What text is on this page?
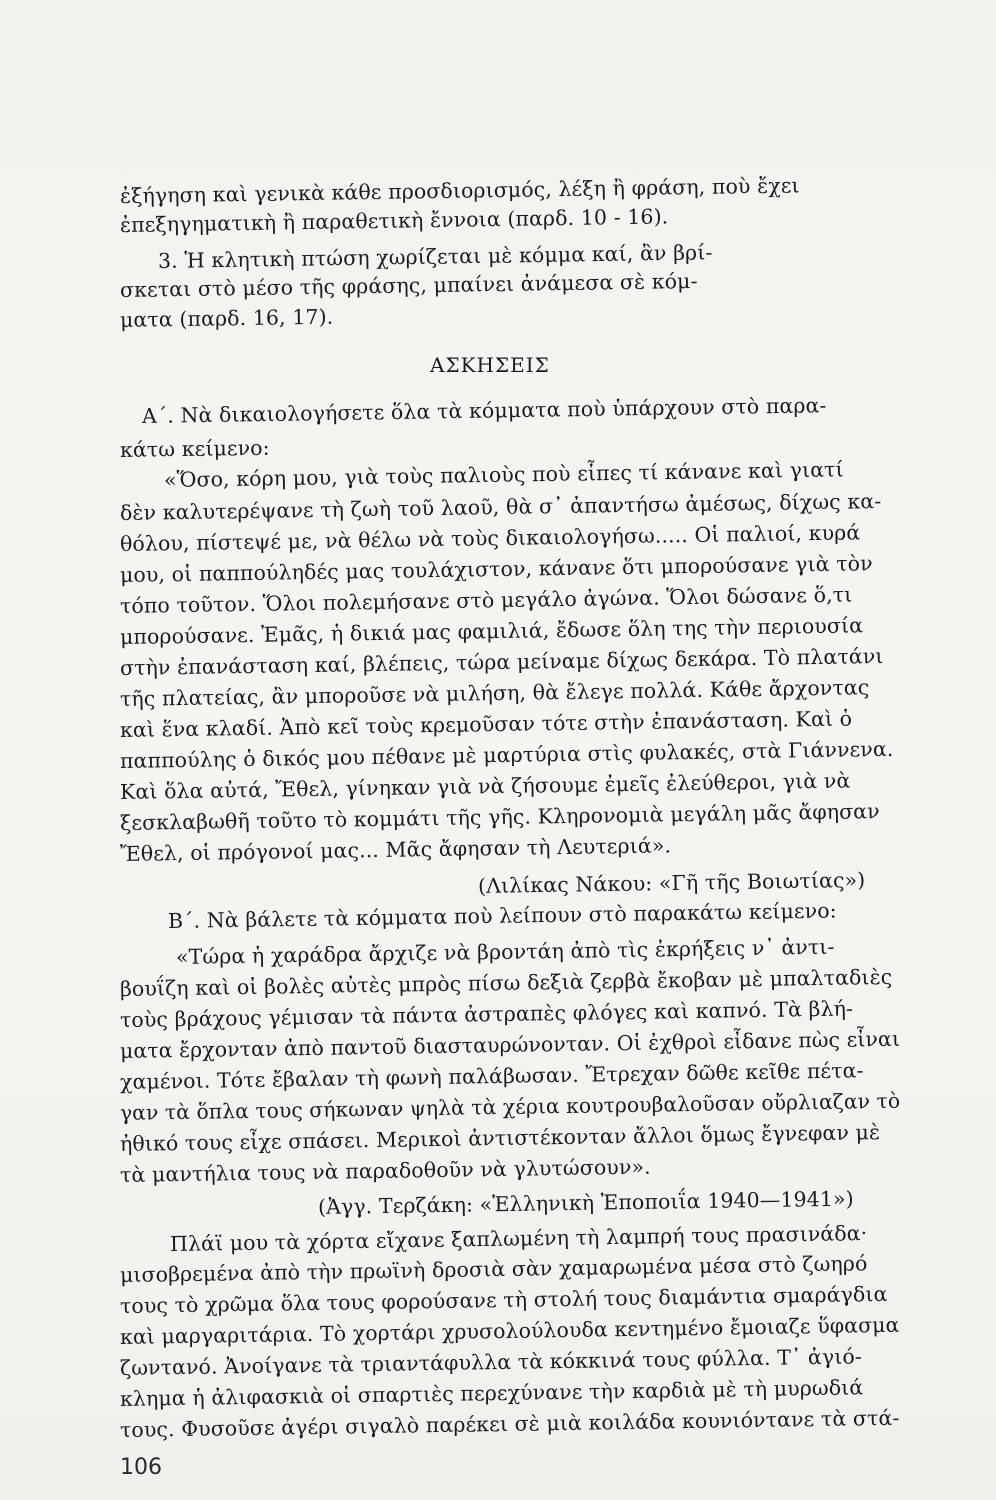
ἐξήγηση καὶ γενικὰ κάθε προσδιορισμός, λέξη ἢ φράση, ποὺ ἔχει
ἐπεξηγηματικὴ ἢ παραθετικὴ ἔννοια (παρδ. 10 - 16).
3. Ἡ κλητικὴ πτώση χωρίζεται μὲ κόμμα καί, ἂν βρί-
σκεται στὸ μέσο τῆς φράσης, μπαίνει ἀνάμεσα σὲ κόμ-
ματα (παρδ. 16, 17).
ΑΣΚΗΣΕΙΣ
Α΄. Νὰ δικαιολογήσετε ὅλα τὰ κόμματα ποὺ ὑπάρχουν στὸ παρα-
κάτω κείμενο:
«Ὅσο, κόρη μου, γιὰ τοὺς παλιοὺς ποὺ εἶπες τί κάνανε καὶ γιατί
δὲν καλυτερέψανε τὴ ζωὴ τοῦ λαοῦ, θὰ σ᾽ ἀπαντήσω ἀμέσως, δίχως κα-
θόλου, πίστεψέ με, νὰ θέλω νὰ τοὺς δικαιολογήσω..... Οἱ παλιοί, κυρά
μου, οἱ παππούληδές μας τουλάχιστον, κάνανε ὅτι μπορούσανε γιὰ τὸν
τόπο τοῦτον. Ὅλοι πολεμήσανε στὸ μεγάλο ἀγώνα. Ὅλοι δώσανε ὅ,τι
μπορούσανε. Ἐμᾶς, ἡ δικιά μας φαμιλιά, ἔδωσε ὅλη της τὴν περιουσία
στὴν ἐπανάσταση καί, βλέπεις, τώρα μείναμε δίχως δεκάρα. Τὸ πλατάνι
τῆς πλατείας, ἂν μποροῦσε νὰ μιλήση, θὰ ἔλεγε πολλά. Κάθε ἄρχοντας
καὶ ἕνα κλαδί. Ἀπὸ κεῖ τοὺς κρεμοῦσαν τότε στὴν ἐπανάσταση. Καὶ ὁ
παππούλης ὁ δικός μου πέθανε μὲ μαρτύρια στὶς φυλακές, στὰ Γιάννενα.
Καὶ ὅλα αὐτά, Ἔθελ, γίνηκαν γιὰ νὰ ζήσουμε ἐμεῖς ἐλεύθεροι, γιὰ νὰ
ξεσκλαβωθῆ τοῦτο τὸ κομμάτι τῆς γῆς. Κληρονομιὰ μεγάλη μᾶς ἄφησαν
Ἔθελ, οἱ πρόγονοί μας... Μᾶς ἄφησαν τὴ Λευτεριά».
(Λιλίκας Νάκου: «Γῆ τῆς Βοιωτίας»)
Β΄. Νὰ βάλετε τὰ κόμματα ποὺ λείπουν στὸ παρακάτω κείμενο:
«Τώρα ἡ χαράδρα ἄρχιζε νὰ βροντάη ἀπὸ τὶς ἐκρήξεις ν᾽ ἀντι-
βουΐζη καὶ οἱ βολὲς αὐτὲς μπρὸς πίσω δεξιὰ ζερβὰ ἔκοβαν μὲ μπαλταδιὲς
τοὺς βράχους γέμισαν τὰ πάντα ἀστραπὲς φλόγες καὶ καπνό. Τὰ βλή-
ματα ἔρχονταν ἀπὸ παντοῦ διασταυρώνονταν. Οἱ ἐχθροὶ εἶδανε πὼς εἶναι
χαμένοι. Τότε ἔβαλαν τὴ φωνὴ παλάβωσαν. Ἔτρεχαν δῶθε κεῖθε πέτα-
γαν τὰ ὅπλα τους σήκωναν ψηλὰ τὰ χέρια κουτρουβαλοῦσαν οὔρλιαζαν τὸ
ἠθικό τους εἶχε σπάσει. Μερικοὶ ἀντιστέκονταν ἄλλοι ὅμως ἔγνεφαν μὲ
τὰ μαντήλια τους νὰ παραδοθοῦν νὰ γλυτώσουν».
(Ἀγγ. Τερζάκη: «Ἑλληνικὴ Ἐποποιΐα 1940—1941»)
Πλάϊ μου τὰ χόρτα εἴχανε ξαπλωμένη τὴ λαμπρή τους πρασινάδα·
μισοβρεμένα ἀπὸ τὴν πρωϊνὴ δροσιὰ σὰν χαμαρωμένα μέσα στὸ ζωηρό
τους τὸ χρῶμα ὅλα τους φορούσανε τὴ στολή τους διαμάντια σμαράγδια
καὶ μαργαριτάρια. Τὸ χορτάρι χρυσολούλουδα κεντημένο ἔμοιαζε ὕφασμα
ζωντανό. Ἀνοίγανε τὰ τριαντάφυλλα τὰ κόκκινά τους φύλλα. Τ᾽ ἀγιό-
κλημα ἡ ἀλιφασκιὰ οἱ σπαρτιὲς περεχύνανε τὴν καρδιὰ μὲ τὴ μυρωδιά
τους. Φυσοῦσε ἀγέρι σιγαλὸ παρέκει σὲ μιὰ κοιλάδα κουνιόντανε τὰ στά-
106
